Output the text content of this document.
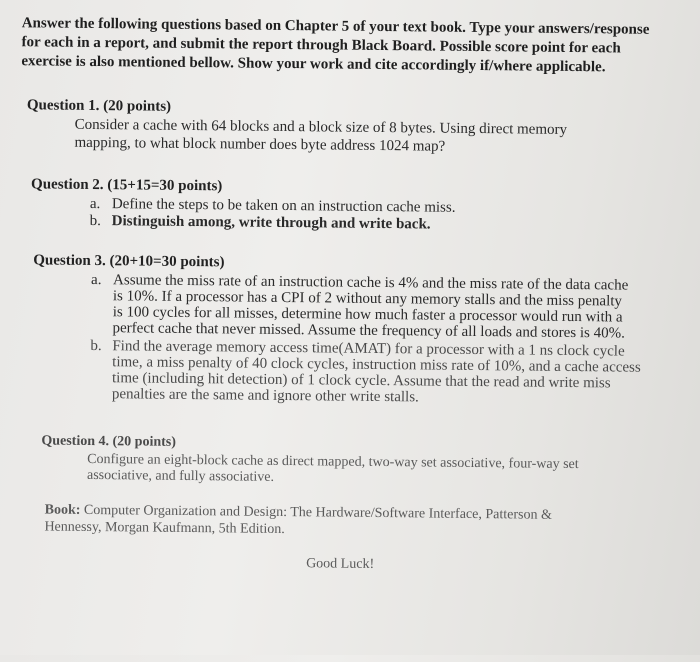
Answer the following questions based on Chapter 5 of your text book. Type your answers/response

for each in a report, and submit the report through Black Board. Possible score point for each

exercise is also mentioned bellow. Show your work and cite accordingly if/where applicable.

Question 1. (20 points)

Consider a cache with 64 blocks and a block size of 8 bytes. Using direct memory

mapping, to what block number does byte address 1024 map?

Question 2. (15+15=30 points)

a. Define the steps to be taken on an instruction cache miss.

b. Distinguish among, write through and write back.

Question 3. (20+10=30 points)

a. Assume the miss rate of an instruction cache is 4% and the miss rate of the data cache

is 10%. If a processor has a CPI of 2 without any memory stalls and the miss penalty

is 100 cycles for all misses, determine how much faster a processor would run with a

perfect cache that never missed. Assume the frequency of all loads and stores is 40%.

b. Find the average memory access time(AMAT) for a processor with a 1 ns clock cycle

time, a miss penalty of 40 clock cycles, instruction miss rate of 10%, and a cache access

time (including hit detection) of 1 clock cycle. Assume that the read and write miss

penalties are the same and ignore other write stalls.

Question 4. (20 points)

Configure an eight-block cache as direct mapped, two-way set associative, four-way set

associative, and fully associative.

Book: Computer Organization and Design: The Hardware/Software Interface, Patterson &

Hennessy, Morgan Kaufmann, 5th Edition.

Good Luck!
